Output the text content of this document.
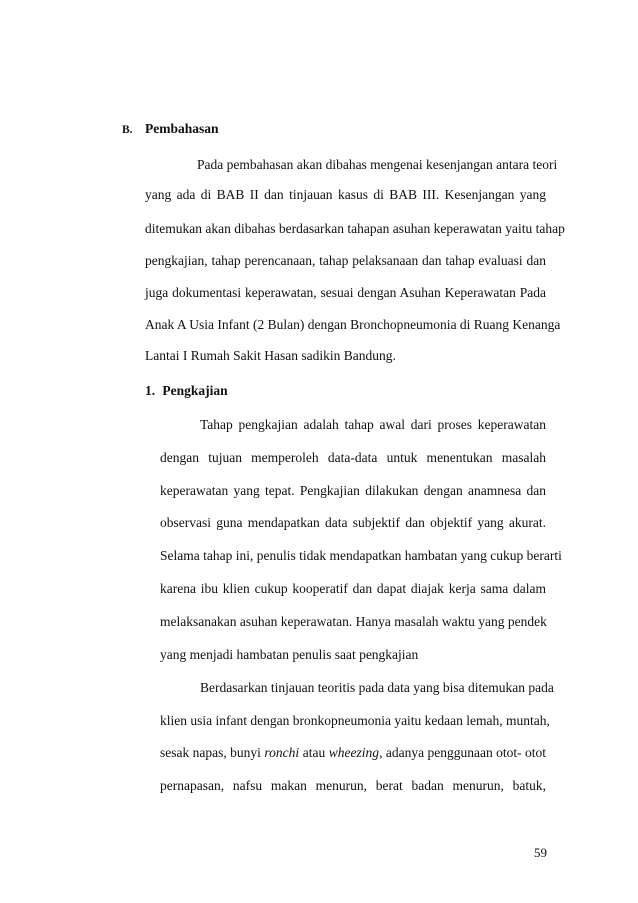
B. Pembahasan
Pada pembahasan akan dibahas mengenai kesenjangan antara teori
yang ada di BAB II dan tinjauan kasus di BAB III. Kesenjangan yang
ditemukan akan dibahas berdasarkan tahapan asuhan keperawatan yaitu tahap
pengkajian, tahap perencanaan, tahap pelaksanaan dan tahap evaluasi dan
juga dokumentasi keperawatan, sesuai dengan Asuhan Keperawatan Pada
Anak A Usia Infant (2 Bulan) dengan Bronchopneumonia di Ruang Kenanga
Lantai I Rumah Sakit Hasan sadikin Bandung.
1. Pengkajian
Tahap pengkajian adalah tahap awal dari proses keperawatan
dengan tujuan memperoleh data-data untuk menentukan masalah
keperawatan yang tepat. Pengkajian dilakukan dengan anamnesa dan
observasi guna mendapatkan data subjektif dan objektif yang akurat.
Selama tahap ini, penulis tidak mendapatkan hambatan yang cukup berarti
karena ibu klien cukup kooperatif dan dapat diajak kerja sama dalam
melaksanakan asuhan keperawatan. Hanya masalah waktu yang pendek
yang menjadi hambatan penulis saat pengkajian
Berdasarkan tinjauan teoritis pada data yang bisa ditemukan pada
klien usia infant dengan bronkopneumonia yaitu kedaan lemah, muntah,
sesak napas, bunyi ronchi atau wheezing , adanya penggunaan otot- otot
pernapasan, nafsu makan menurun, berat badan menurun, batuk,
59
